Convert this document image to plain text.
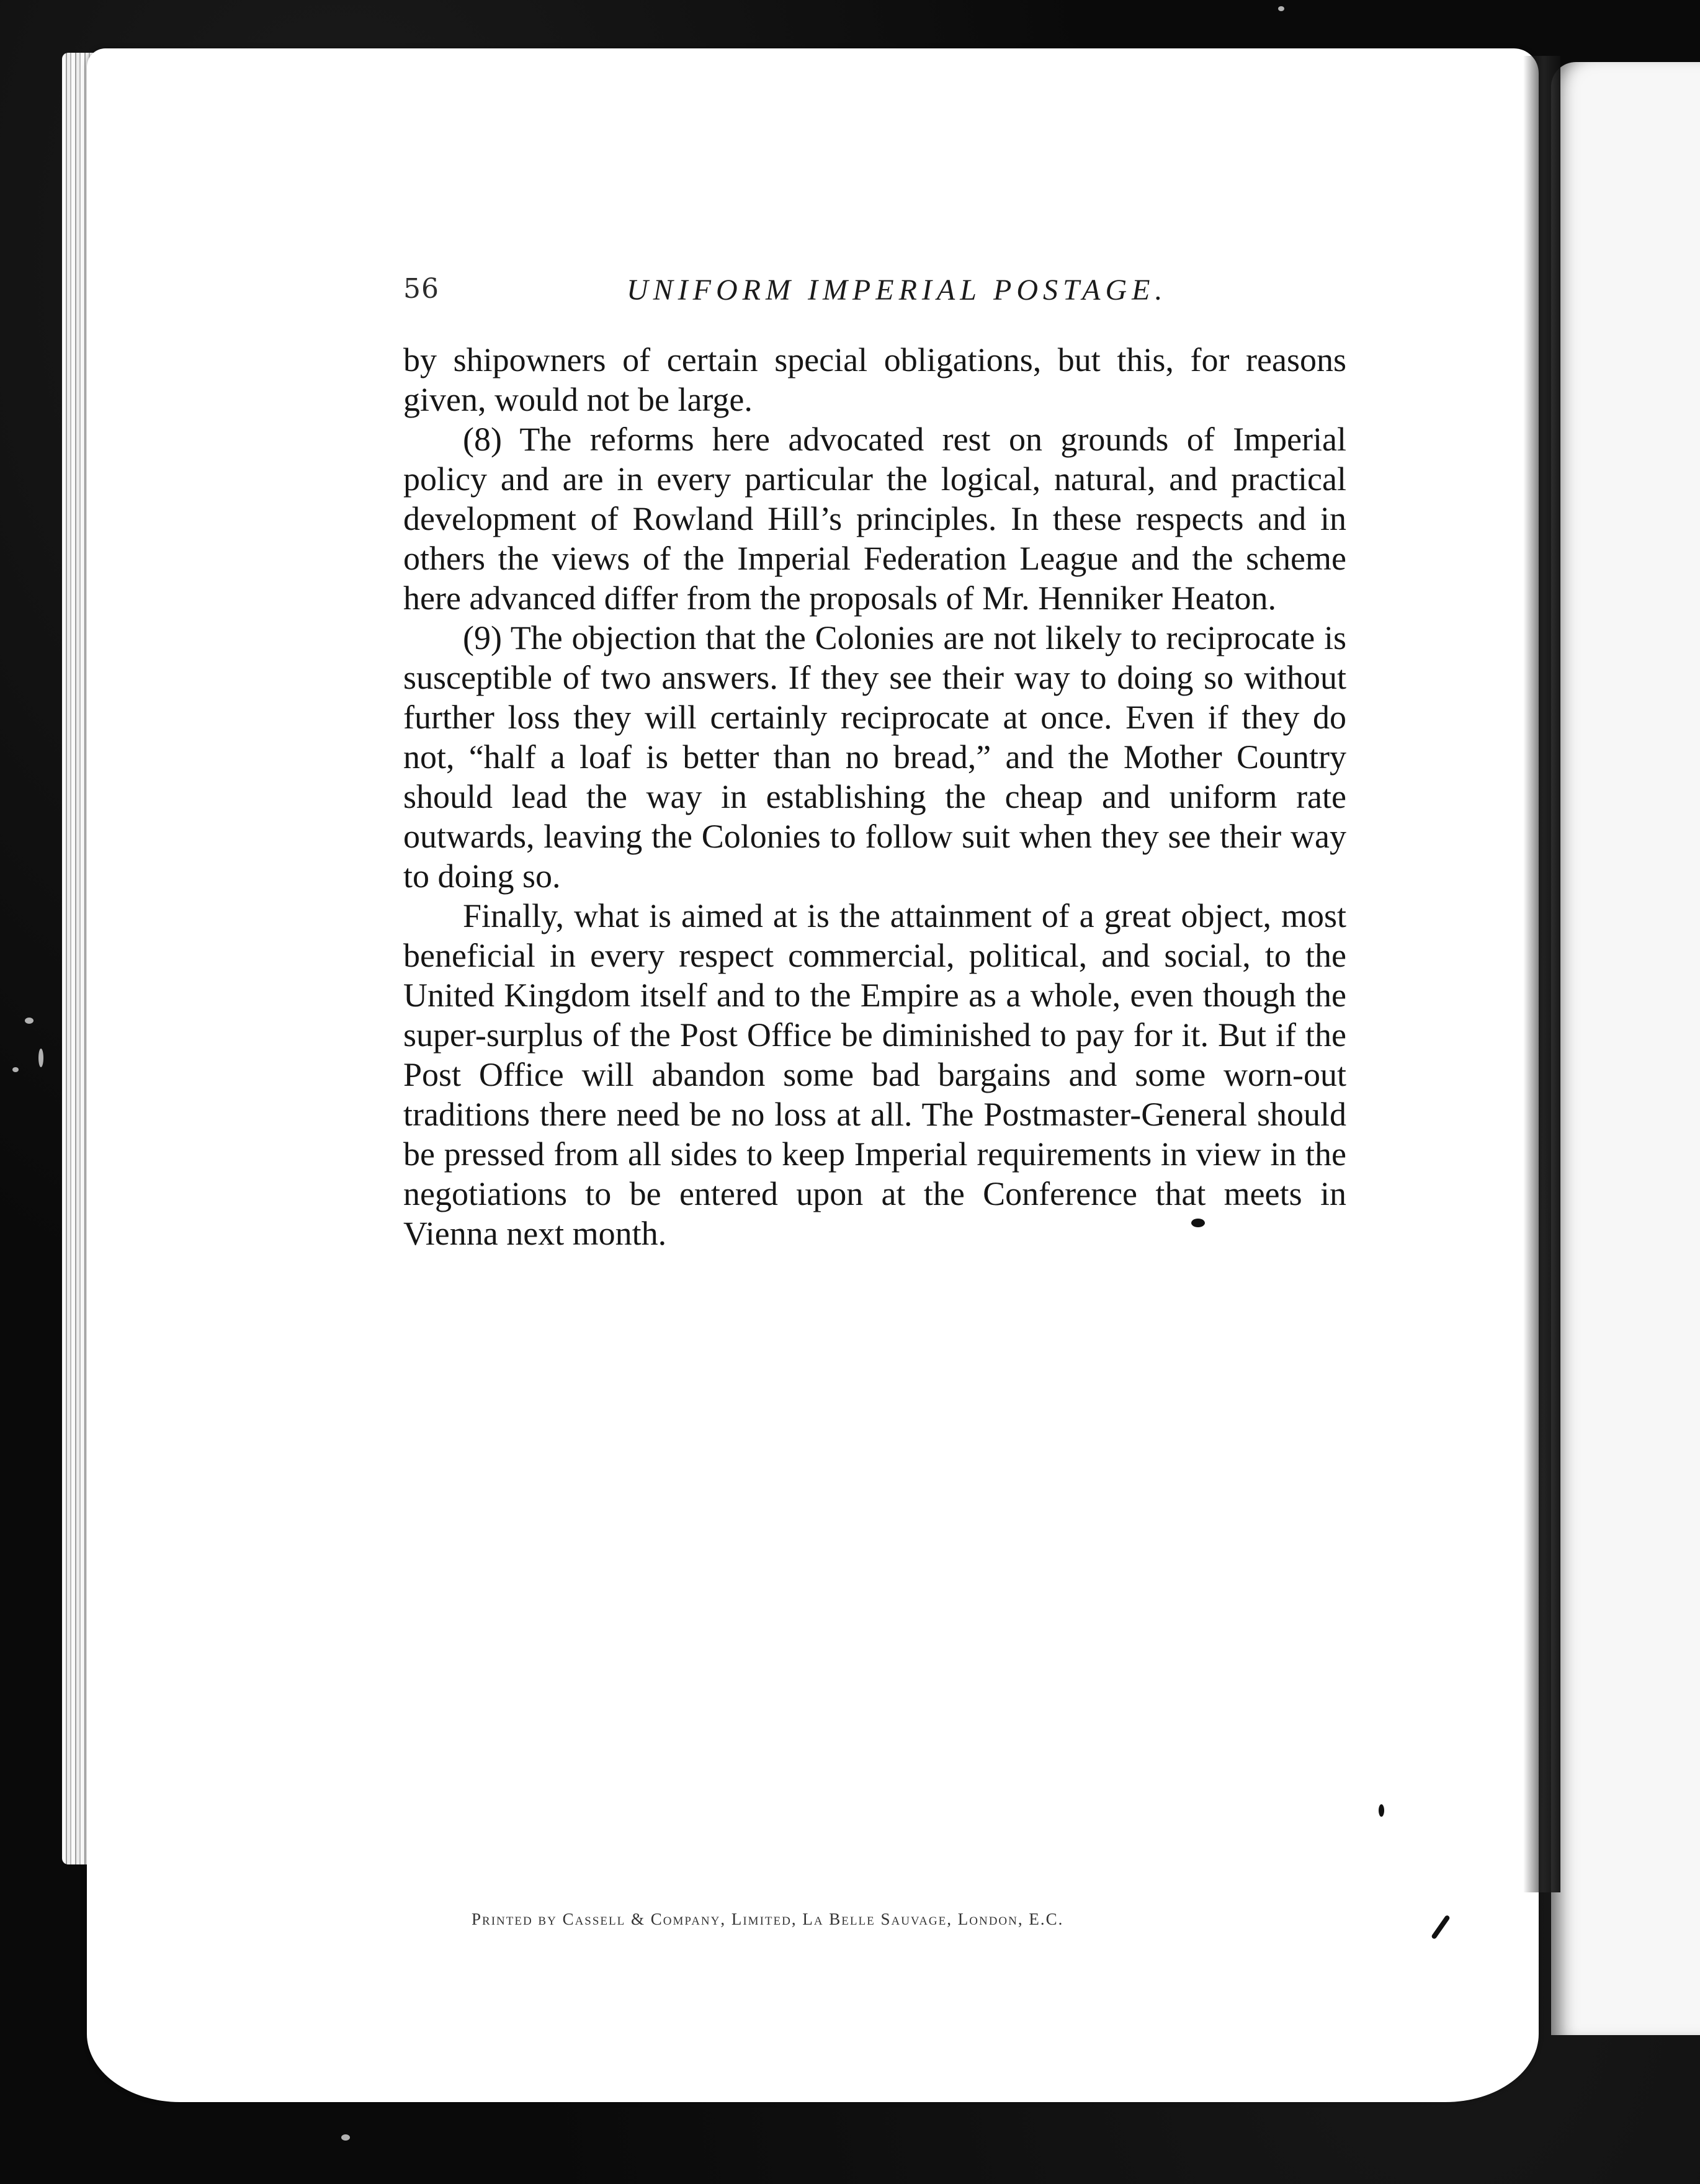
56	UNIFORM IMPERIAL POSTAGE.

by shipowners of certain special obligations, but this, for reasons given, would not be large.

(8) The reforms here advocated rest on grounds of Imperial policy and are in every particular the logical, natural, and practical development of Rowland Hill’s principles. In these respects and in others the views of the Imperial Federation League and the scheme here advanced differ from the proposals of Mr. Henniker Heaton.

(9) The objection that the Colonies are not likely to reciprocate is susceptible of two answers. If they see their way to doing so without further loss they will certainly reciprocate at once. Even if they do not, “half a loaf is better than no bread,” and the Mother Country should lead the way in establishing the cheap and uniform rate outwards, leaving the Colonies to follow suit when they see their way to doing so.

Finally, what is aimed at is the attainment of a great object, most beneficial in every respect commercial, political, and social, to the United Kingdom itself and to the Empire as a whole, even though the super-surplus of the Post Office be diminished to pay for it. But if the Post Office will abandon some bad bargains and some worn-out traditions there need be no loss at all. The Postmaster-General should be pressed from all sides to keep Imperial requirements in view in the negotiations to be entered upon at the Conference that meets in Vienna next month.

Printed by Cassell & Company, Limited, La Belle Sauvage, London, E.C.
